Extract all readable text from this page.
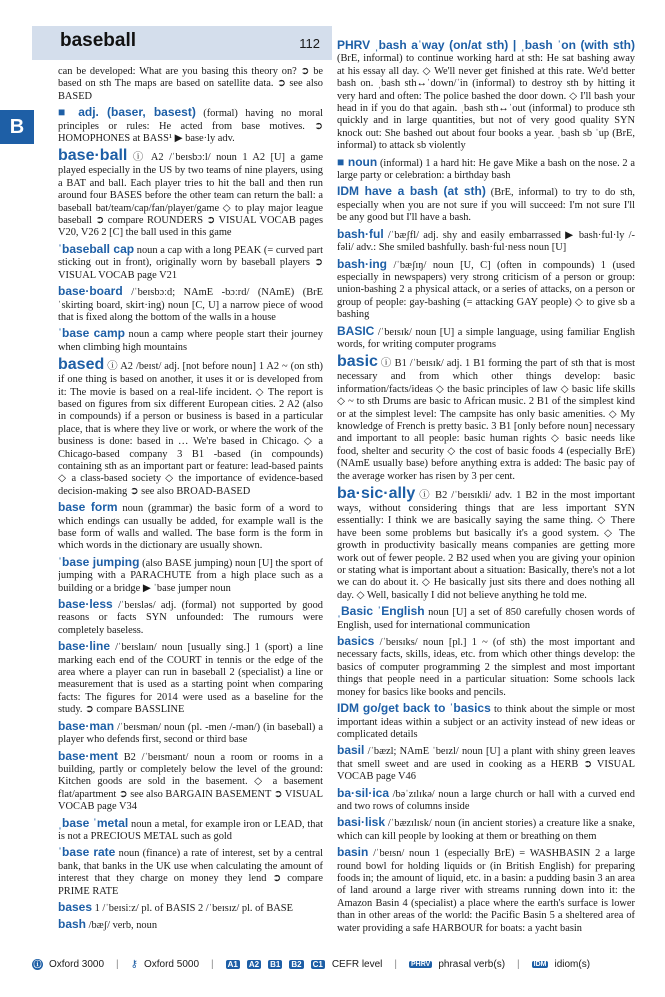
baseball	112
B

can be developed: What are you basing this theory on? ➲ be based on sth The maps are based on satellite data. ➲ see also BASED

■ adj. (baser, basest) (formal) having no moral principles or rules: He acted from base motives. ➲ HOMOPHONES at BASS¹ ▶ base·ly adv.

base·ball ⓘ A2 /ˈbeɪsbɔːl/ noun 1 A2 [U] a game played especially in the US by two teams of nine players, using a BAT and ball. Each player tries to hit the ball and then run around four BASES before the other team can return the ball: a baseball bat/team/cap/fan/player/game ◇ to play major league baseball ➲ compare ROUNDERS ➲ VISUAL VOCAB pages V20, V26 2 [C] the ball used in this game

ˈbaseball cap noun a cap with a long PEAK (= curved part sticking out in front), originally worn by baseball players ➲ VISUAL VOCAB page V21

base·board /ˈbeɪsbɔːd; NAmE -bɔːrd/ (NAmE) (BrE ˈskirting board, skirt·ing) noun [C, U] a narrow piece of wood that is fixed along the bottom of the walls in a house

ˈbase camp noun a camp where people start their journey when climbing high mountains

based ⓘ A2 /beɪst/ adj. [not before noun] 1 A2 ~ (on sth) if one thing is based on another, it uses it or is developed from it: The movie is based on a real-life incident. ◇ The report is based on figures from six different European cities. 2 A2 (also in compounds) if a person or business is based in a particular place, that is where they live or work, or where the work of the business is done: based in … We're based in Chicago. ◇ a Chicago-based company 3 B1 -based (in compounds) containing sth as an important part or feature: lead-based paints ◇ a class-based society ◇ the importance of evidence-based decision-making ➲ see also BROAD-BASED

base form noun (grammar) the basic form of a word to which endings can usually be added, for example wall is the base form of walls and walled. The base form is the form in which words in the dictionary are usually shown.

ˈbase jumping (also BASE jumping) noun [U] the sport of jumping with a PARACHUTE from a high place such as a building or a bridge ▶ ˈbase jumper noun

base·less /ˈbeɪsləs/ adj. (formal) not supported by good reasons or facts SYN unfounded: The rumours were completely baseless.

base·line /ˈbeɪslaɪn/ noun [usually sing.] 1 (sport) a line marking each end of the COURT in tennis or the edge of the area where a player can run in baseball 2 (specialist) a line or measurement that is used as a starting point when comparing facts: The figures for 2014 were used as a baseline for the study. ➲ compare BASSLINE

base·man /ˈbeɪsmən/ noun (pl. -men /-mən/) (in baseball) a player who defends first, second or third base

base·ment B2 /ˈbeɪsmənt/ noun a room or rooms in a building, partly or completely below the level of the ground: Kitchen goods are sold in the basement. ◇ a basement flat/apartment ➲ see also BARGAIN BASEMENT ➲ VISUAL VOCAB page V34

ˌbase ˈmetal noun a metal, for example iron or LEAD, that is not a PRECIOUS METAL such as gold

ˈbase rate noun (finance) a rate of interest, set by a central bank, that banks in the UK use when calculating the amount of interest that they charge on money they lend ➲ compare PRIME RATE

bases 1 /ˈbeɪsiːz/ pl. of BASIS 2 /ˈbeɪsɪz/ pl. of BASE

bash /bæʃ/ verb, noun

PHRV ˌbash aˈway (on/at sth) | ˌbash ˈon (with sth) (BrE, informal) to continue working hard at sth: He sat bashing away at his essay all day. ◇ We'll never get finished at this rate. We'd better bash on. ˌbash sth↔ˈdown/ˈin (informal) to destroy sth by hitting it very hard and often: The police bashed the door down. ◇ I'll bash your head in if you do that again. ˌbash sth↔ˈout (informal) to produce sth quickly and in large quantities, but not of very good quality SYN knock out: She bashed out about four books a year. ˌbash sb ˈup (BrE, informal) to attack sb violently

■ noun (informal) 1 a hard hit: He gave Mike a bash on the nose. 2 a large party or celebration: a birthday bash

IDM have a bash (at sth) (BrE, informal) to try to do sth, especially when you are not sure if you will succeed: I'm not sure I'll be any good but I'll have a bash.

bash·ful /ˈbæʃfl/ adj. shy and easily embarrassed ▶ bash·ful·ly /-fəli/ adv.: She smiled bashfully. bash·ful·ness noun [U]

bash·ing /ˈbæʃɪŋ/ noun [U, C] (often in compounds) 1 (used especially in newspapers) very strong criticism of a person or group: union-bashing 2 a physical attack, or a series of attacks, on a person or group of people: gay-bashing (= attacking GAY people) ◇ to give sb a bashing

BASIC /ˈbeɪsɪk/ noun [U] a simple language, using familiar English words, for writing computer programs

basic ⓘ B1 /ˈbeɪsɪk/ adj. 1 B1 forming the part of sth that is most necessary and from which other things develop: basic information/facts/ideas ◇ the basic principles of law ◇ basic life skills ◇ ~ to sth Drums are basic to African music. 2 B1 of the simplest kind or at the simplest level: The campsite has only basic amenities. ◇ My knowledge of French is pretty basic. 3 B1 [only before noun] necessary and important to all people: basic human rights ◇ basic needs like food, shelter and security ◇ the cost of basic foods 4 (especially BrE) (NAmE usually base) before anything extra is added: The basic pay of the average worker has risen by 3 per cent.

ba·sic·ally ⓘ B2 /ˈbeɪsɪkli/ adv. 1 B2 in the most important ways, without considering things that are less important SYN essentially: I think we are basically saying the same thing. ◇ There have been some problems but basically it's a good system. ◇ The growth in productivity basically means companies are getting more work out of fewer people. 2 B2 used when you are giving your opinion or stating what is important about a situation: Basically, there's not a lot we can do about it. ◇ He basically just sits there and does nothing all day. ◇ Well, basically I did not believe anything he told me.

ˌBasic ˈEnglish noun [U] a set of 850 carefully chosen words of English, used for international communication

basics /ˈbeɪsɪks/ noun [pl.] 1 ~ (of sth) the most important and necessary facts, skills, ideas, etc. from which other things develop: the basics of computer programming 2 the simplest and most important things that people need in a particular situation: Some schools lack money for basics like books and pencils.

IDM go/get back to ˈbasics to think about the simple or most important ideas within a subject or an activity instead of new ideas or complicated details

basil /ˈbæzl; NAmE ˈbeɪzl/ noun [U] a plant with shiny green leaves that smell sweet and are used in cooking as a HERB ➲ VISUAL VOCAB page V46

ba·sil·ica /bəˈzɪlɪkə/ noun a large church or hall with a curved end and two rows of columns inside

basi·lisk /ˈbæzɪlɪsk/ noun (in ancient stories) a creature like a snake, which can kill people by looking at them or breathing on them

basin /ˈbeɪsn/ noun 1 (especially BrE) = WASHBASIN 2 a large round bowl for holding liquids or (in British English) for preparing foods in; the amount of liquid, etc. in a basin: a pudding basin 3 an area of land around a large river with streams running down into it: the Amazon Basin 4 (specialist) a place where the earth's surface is lower than in other areas of the world: the Pacific Basin 5 a sheltered area of water providing a safe HARBOUR for boats: a yacht basin

ⓘ Oxford 3000 | ⚷ Oxford 5000 | A1 A2 B1 B2 C1 CEFR level | PHRV phrasal verb(s) | IDM idiom(s)
